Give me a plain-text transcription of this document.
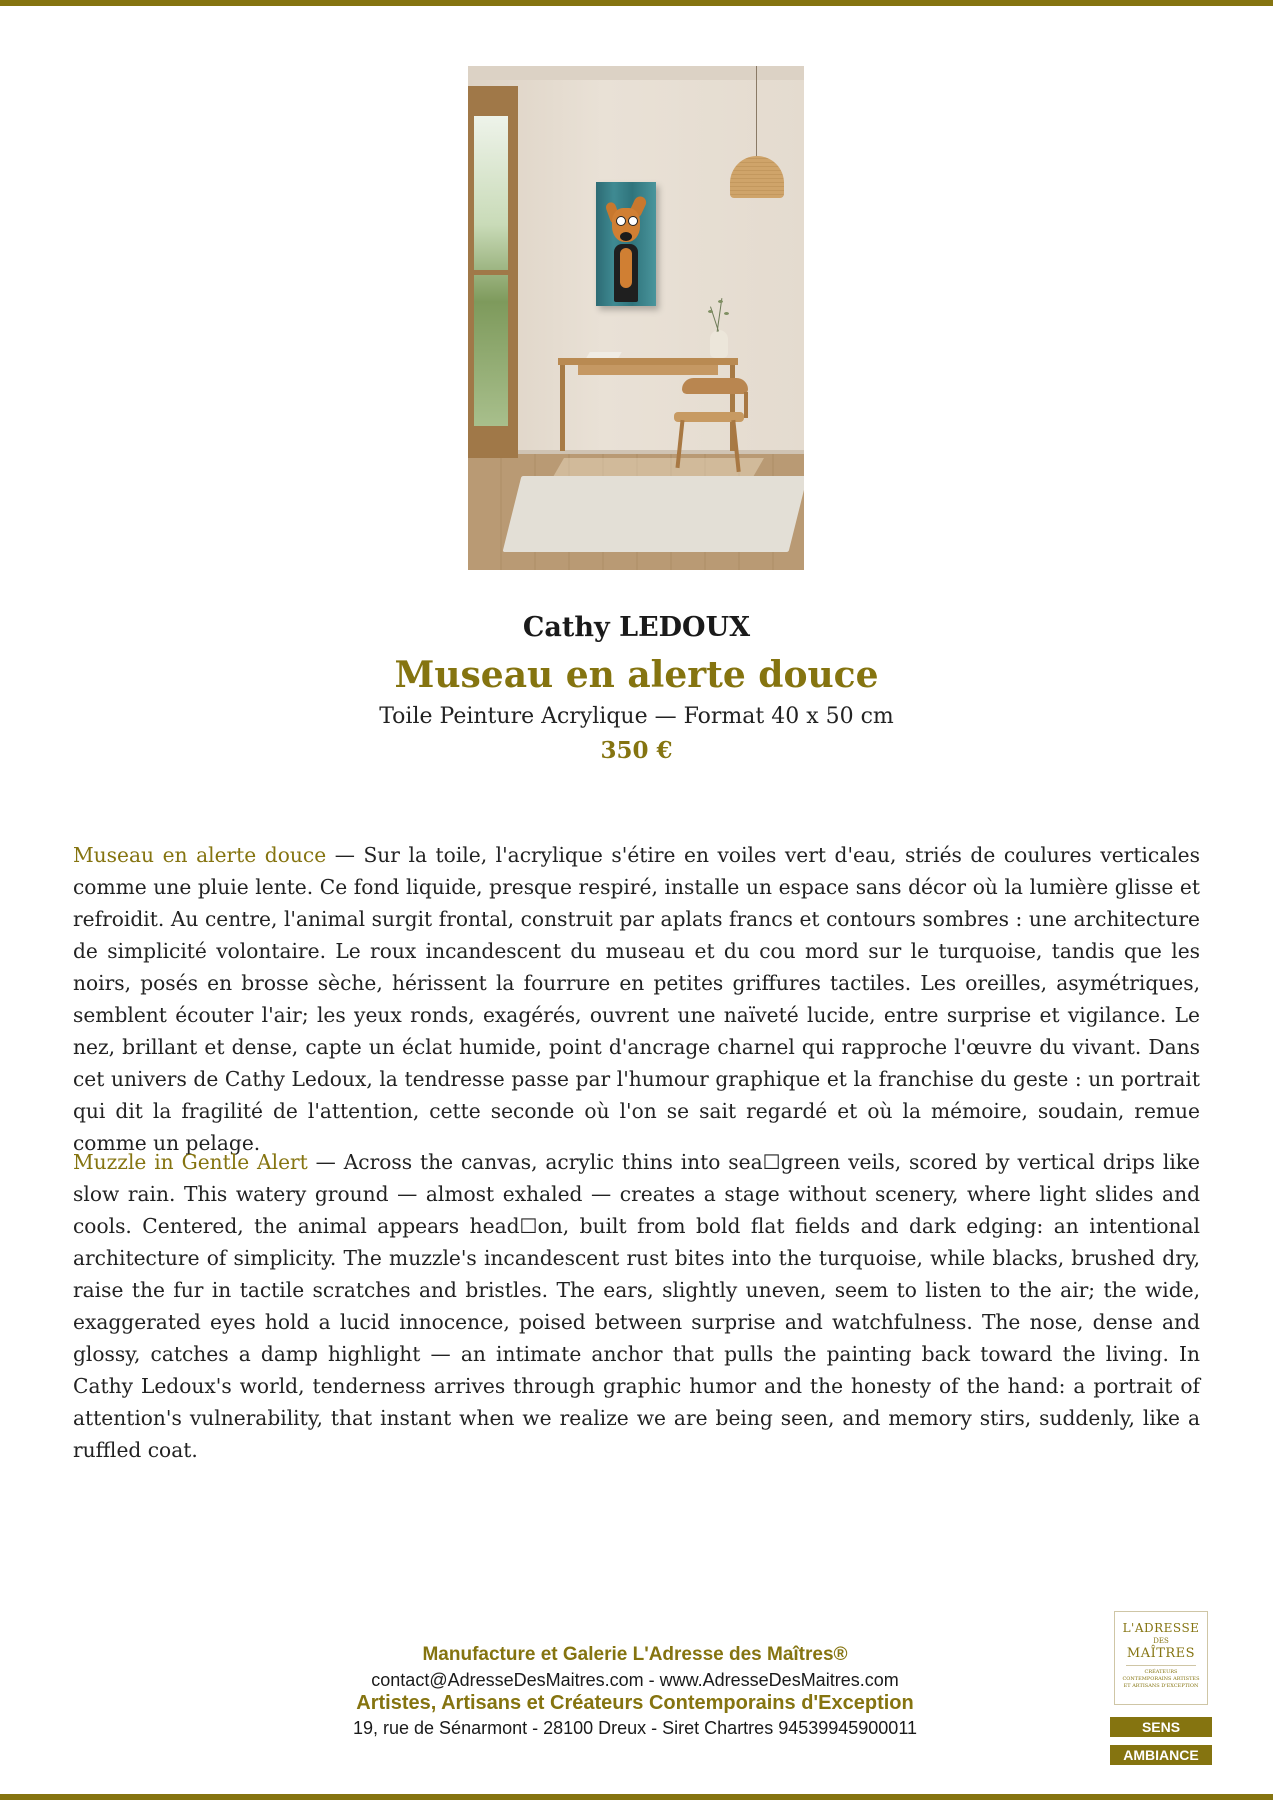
Cathy LEDOUX
Museau en alerte douce
Toile Peinture Acrylique — Format 40 x 50 cm
350 €

Museau en alerte douce — Sur la toile, l'acrylique s'étire en voiles vert d'eau, striés de coulures verticales comme une pluie lente. Ce fond liquide, presque respiré, installe un espace sans décor où la lumière glisse et refroidit. Au centre, l'animal surgit frontal, construit par aplats francs et contours sombres : une architecture de simplicité volontaire. Le roux incandescent du museau et du cou mord sur le turquoise, tandis que les noirs, posés en brosse sèche, hérissent la fourrure en petites griffures tactiles. Les oreilles, asymétriques, semblent écouter l'air; les yeux ronds, exagérés, ouvrent une naïveté lucide, entre surprise et vigilance. Le nez, brillant et dense, capte un éclat humide, point d'ancrage charnel qui rapproche l'œuvre du vivant. Dans cet univers de Cathy Ledoux, la tendresse passe par l'humour graphique et la franchise du geste : un portrait qui dit la fragilité de l'attention, cette seconde où l'on se sait regardé et où la mémoire, soudain, remue comme un pelage.

Muzzle in Gentle Alert — Across the canvas, acrylic thins into sea☐green veils, scored by vertical drips like slow rain. This watery ground — almost exhaled — creates a stage without scenery, where light slides and cools. Centered, the animal appears head☐on, built from bold flat fields and dark edging: an intentional architecture of simplicity. The muzzle's incandescent rust bites into the turquoise, while blacks, brushed dry, raise the fur in tactile scratches and bristles. The ears, slightly uneven, seem to listen to the air; the wide, exaggerated eyes hold a lucid innocence, poised between surprise and watchfulness. The nose, dense and glossy, catches a damp highlight — an intimate anchor that pulls the painting back toward the living. In Cathy Ledoux's world, tenderness arrives through graphic humor and the honesty of the hand: a portrait of attention's vulnerability, that instant when we realize we are being seen, and memory stirs, suddenly, like a ruffled coat.

Manufacture et Galerie L'Adresse des Maîtres®
contact@AdresseDesMaitres.com - www.AdresseDesMaitres.com
Artistes, Artisans et Créateurs Contemporains d'Exception
19, rue de Sénarmont - 28100 Dreux - Siret Chartres 94539945900011
L'ADRESSE
DES
MAÎTRES
CRÉATEURS CONTEMPORAINS ARTISTES ET ARTISANS D'EXCEPTION
SENS
AMBIANCE
